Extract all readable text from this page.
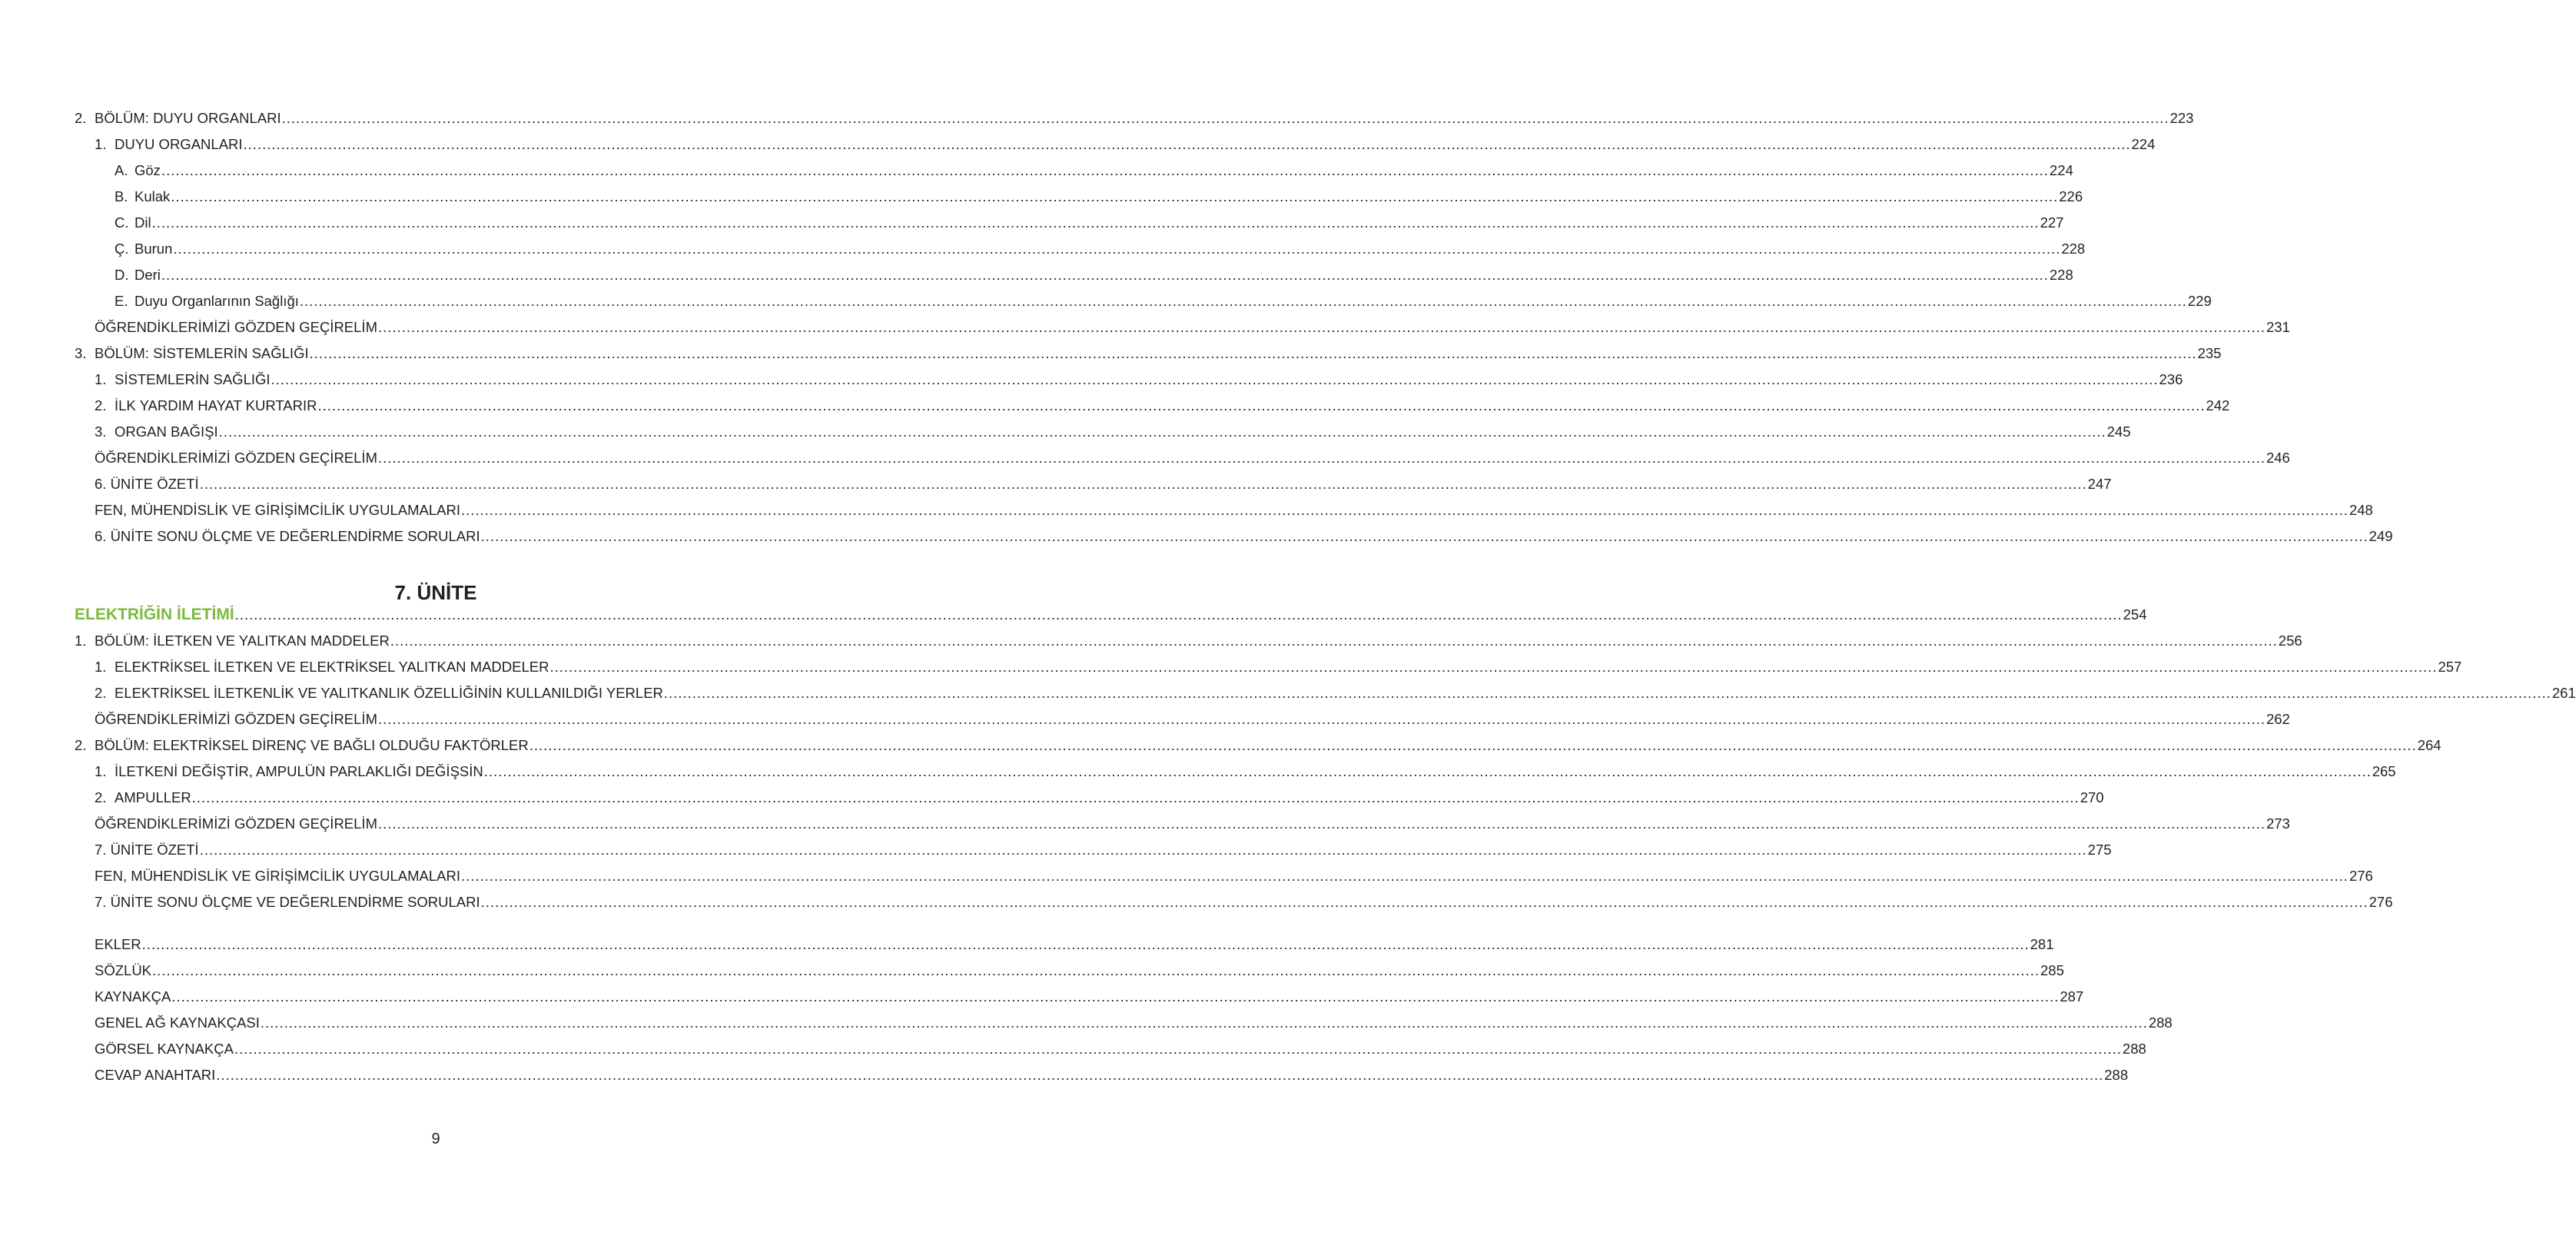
2. BÖLÜM: DUYU ORGANLARI ................................................................................................................................................................................................................................................................................................................................................................................................................ 223
1. DUYU ORGANLARI ................................................................................................................................................................................................................................................................................................................................................................................................................ 224
A. Göz ................................................................................................................................................................................................................................................................................................................................................................................................................ 224
B. Kulak ................................................................................................................................................................................................................................................................................................................................................................................................................ 226
C. Dil ................................................................................................................................................................................................................................................................................................................................................................................................................ 227
Ç. Burun ................................................................................................................................................................................................................................................................................................................................................................................................................ 228
D. Deri ................................................................................................................................................................................................................................................................................................................................................................................................................ 228
E. Duyu Organlarının Sağlığı ................................................................................................................................................................................................................................................................................................................................................................................................................ 229
ÖĞRENDİKLERİMİZİ GÖZDEN GEÇİRELİM ................................................................................................................................................................................................................................................................................................................................................................................................................ 231
3. BÖLÜM: SİSTEMLERİN SAĞLIĞI ................................................................................................................................................................................................................................................................................................................................................................................................................ 235
1. SİSTEMLERİN SAĞLIĞI ................................................................................................................................................................................................................................................................................................................................................................................................................ 236
2. İLK YARDIM HAYAT KURTARIR ................................................................................................................................................................................................................................................................................................................................................................................................................ 242
3. ORGAN BAĞIŞI ................................................................................................................................................................................................................................................................................................................................................................................................................ 245
ÖĞRENDİKLERİMİZİ GÖZDEN GEÇİRELİM ................................................................................................................................................................................................................................................................................................................................................................................................................ 246
6. ÜNİTE ÖZETİ ................................................................................................................................................................................................................................................................................................................................................................................................................ 247
FEN, MÜHENDİSLİK VE GİRİŞİMCİLİK UYGULAMALARI ................................................................................................................................................................................................................................................................................................................................................................................................................ 248
6. ÜNİTE SONU ÖLÇME VE DEĞERLENDİRME SORULARI ................................................................................................................................................................................................................................................................................................................................................................................................................ 249
ELEKTRİĞİN İLETİMİ ................................................................................................................................................................................................................................................................................................................................................................................................................ 254
1. BÖLÜM: İLETKEN VE YALITKAN MADDELER ................................................................................................................................................................................................................................................................................................................................................................................................................ 256
1. ELEKTRİKSEL İLETKEN VE ELEKTRİKSEL YALITKAN MADDELER ................................................................................................................................................................................................................................................................................................................................................................................................................ 257
2. ELEKTRİKSEL İLETKENLİK VE YALITKANLIK ÖZELLİĞİNİN KULLANILDIĞI YERLER ................................................................................................................................................................................................................................................................................................................................................................................................................ 261
ÖĞRENDİKLERİMİZİ GÖZDEN GEÇİRELİM ................................................................................................................................................................................................................................................................................................................................................................................................................ 262
2. BÖLÜM: ELEKTRİKSEL DİRENÇ VE BAĞLI OLDUĞU FAKTÖRLER ................................................................................................................................................................................................................................................................................................................................................................................................................ 264
1. İLETKENİ DEĞİŞTİR, AMPULÜN PARLAKLIĞI DEĞİŞSİN ................................................................................................................................................................................................................................................................................................................................................................................................................ 265
2. AMPULLER ................................................................................................................................................................................................................................................................................................................................................................................................................ 270
ÖĞRENDİKLERİMİZİ GÖZDEN GEÇİRELİM ................................................................................................................................................................................................................................................................................................................................................................................................................ 273
7. ÜNİTE ÖZETİ ................................................................................................................................................................................................................................................................................................................................................................................................................ 275
FEN, MÜHENDİSLİK VE GİRİŞİMCİLİK UYGULAMALARI ................................................................................................................................................................................................................................................................................................................................................................................................................ 276
7. ÜNİTE SONU ÖLÇME VE DEĞERLENDİRME SORULARI ................................................................................................................................................................................................................................................................................................................................................................................................................ 276
EKLER ................................................................................................................................................................................................................................................................................................................................................................................................................ 281
SÖZLÜK ................................................................................................................................................................................................................................................................................................................................................................................................................ 285
KAYNAKÇA ................................................................................................................................................................................................................................................................................................................................................................................................................ 287
GENEL AĞ KAYNAKÇASI ................................................................................................................................................................................................................................................................................................................................................................................................................ 288
GÖRSEL KAYNAKÇA ................................................................................................................................................................................................................................................................................................................................................................................................................ 288
CEVAP ANAHTARI ................................................................................................................................................................................................................................................................................................................................................................................................................ 288
7. ÜNİTE
9
